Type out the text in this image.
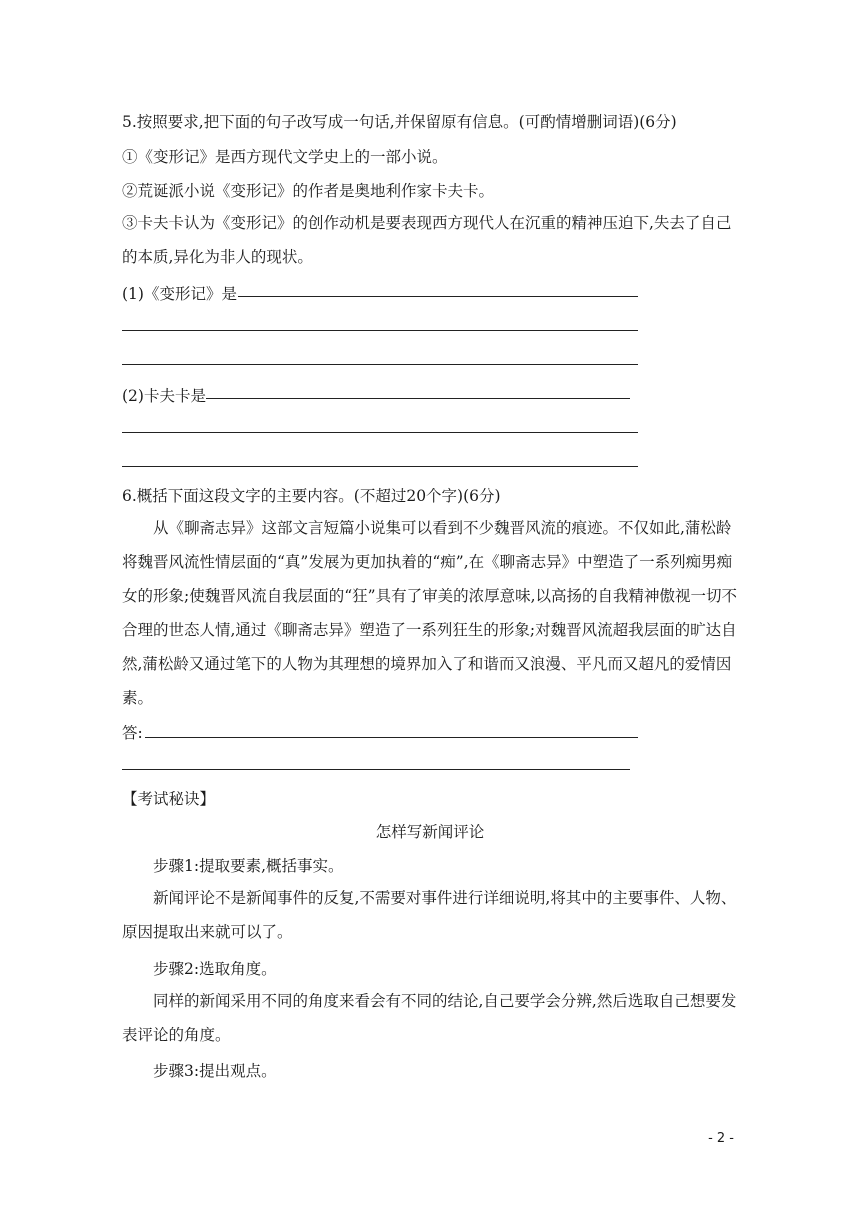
5.按照要求,把下面的句子改写成一句话,并保留原有信息。(可酌情增删词语)(6分)
①《变形记》是西方现代文学史上的一部小说。
②荒诞派小说《变形记》的作者是奥地利作家卡夫卡。
③卡夫卡认为《变形记》的创作动机是要表现西方现代人在沉重的精神压迫下,失去了自己的本质,异化为非人的现状。
(1)《变形记》是
(2)卡夫卡是
6.概括下面这段文字的主要内容。(不超过20个字)(6分)
从《聊斋志异》这部文言短篇小说集可以看到不少魏晋风流的痕迹。不仅如此,蒲松龄将魏晋风流性情层面的“真”发展为更加执着的“痴”,在《聊斋志异》中塑造了一系列痴男痴女的形象;使魏晋风流自我层面的“狂”具有了审美的浓厚意味,以高扬的自我精神傲视一切不合理的世态人情,通过《聊斋志异》塑造了一系列狂生的形象;对魏晋风流超我层面的旷达自然,蒲松龄又通过笔下的人物为其理想的境界加入了和谐而又浪漫、平凡而又超凡的爱情因素。
答:
【考试秘诀】
怎样写新闻评论
步骤1:提取要素,概括事实。
新闻评论不是新闻事件的反复,不需要对事件进行详细说明,将其中的主要事件、人物、原因提取出来就可以了。
步骤2:选取角度。
同样的新闻采用不同的角度来看会有不同的结论,自己要学会分辨,然后选取自己想要发表评论的角度。
步骤3:提出观点。
- 2 -
